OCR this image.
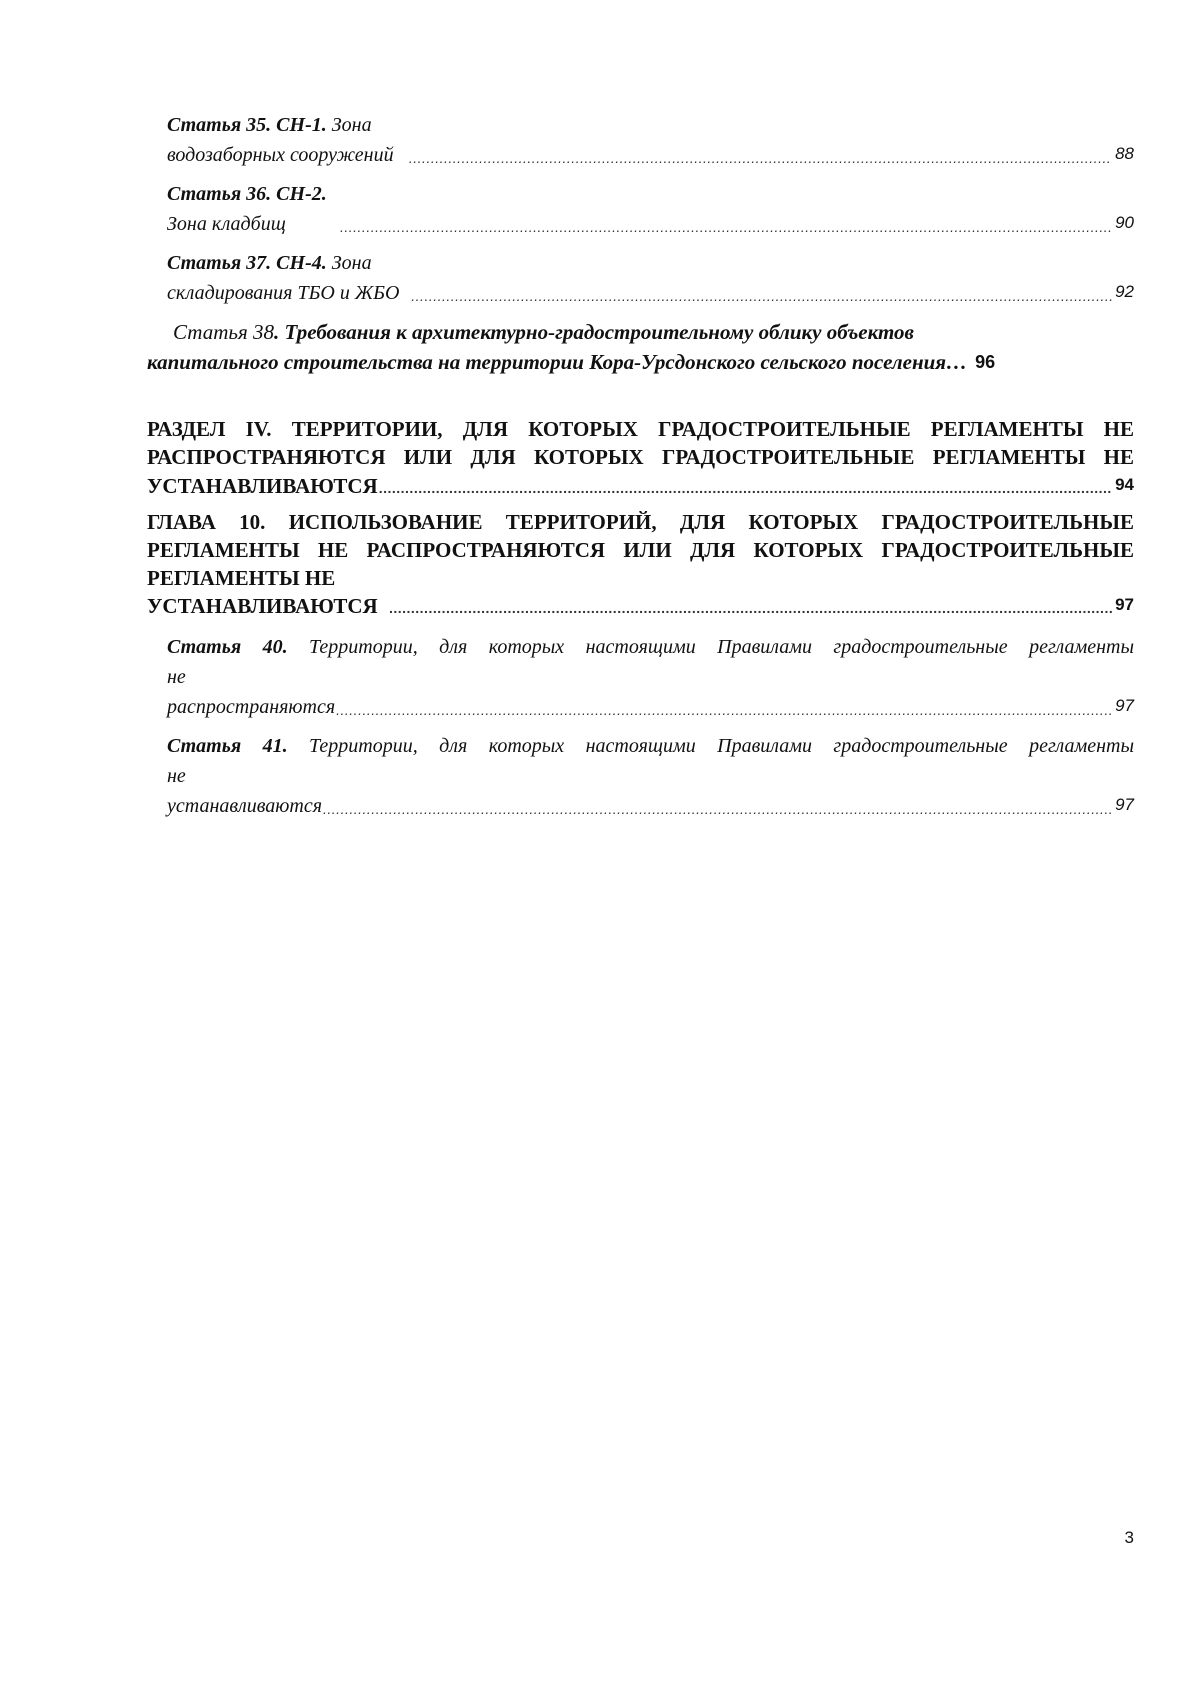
Статья 35. СН-1. Зона водозаборных сооружений .....	88
Статья 36. СН-2. Зона кладбищ .....	90
Статья 37. СН-4. Зона складирования ТБО и ЖБО .....	92
Статья 38. Требования к архитектурно-градостроительному облику объектов
капитального строительства на территории Кора-Урсдонского сельского поселения… 96
РАЗДЕЛ IV. ТЕРРИТОРИИ, ДЛЯ КОТОРЫХ ГРАДОСТРОИТЕЛЬНЫЕ РЕГЛАМЕНТЫ НЕ
РАСПРОСТРАНЯЮТСЯ ИЛИ ДЛЯ КОТОРЫХ ГРАДОСТРОИТЕЛЬНЫЕ РЕГЛАМЕНТЫ НЕ
УСТАНАВЛИВАЮТСЯ .....	94
ГЛАВА 10. ИСПОЛЬЗОВАНИЕ ТЕРРИТОРИЙ, ДЛЯ КОТОРЫХ ГРАДОСТРОИТЕЛЬНЫЕ
РЕГЛАМЕНТЫ НЕ РАСПРОСТРАНЯЮТСЯ ИЛИ ДЛЯ КОТОРЫХ ГРАДОСТРОИТЕЛЬНЫЕ
РЕГЛАМЕНТЫ НЕ УСТАНАВЛИВАЮТСЯ .....	97
Статья 40. Территории, для которых настоящими Правилами градостроительные регламенты
не распространяются .....	97
Статья 41. Территории, для которых настоящими Правилами градостроительные регламенты
не устанавливаются .....	97
3
